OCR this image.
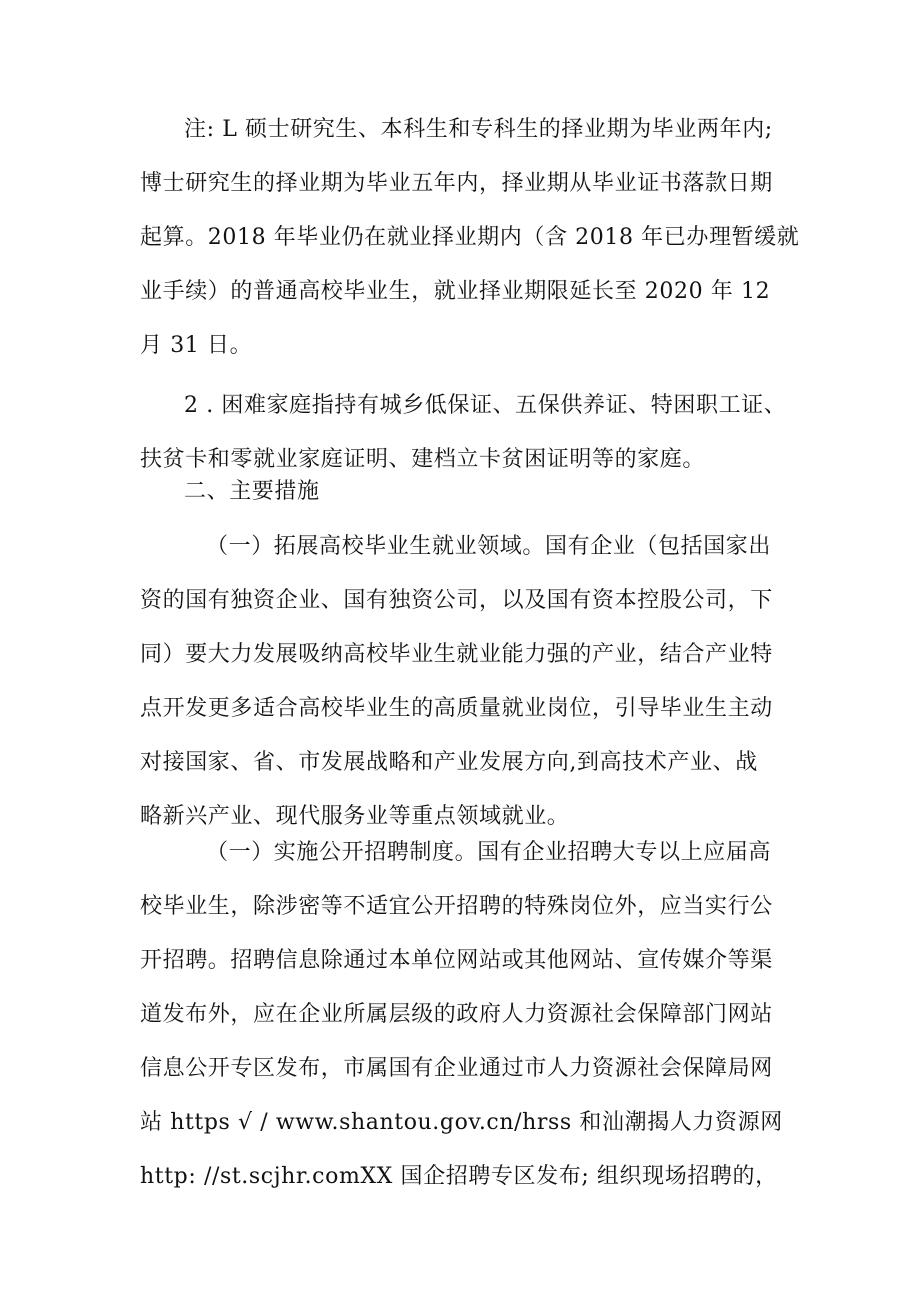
注: L 硕士研究生、本科生和专科生的择业期为毕业两年内;
博士研究生的择业期为毕业五年内，择业期从毕业证书落款日期
起算。2018 年毕业仍在就业择业期内（含 2018 年已办理暂缓就
业手续）的普通高校毕业生，就业择业期限延长至 2020 年 12
月 31 日。
2 . 困难家庭指持有城乡低保证、五保供养证、特困职工证、
扶贫卡和零就业家庭证明、建档立卡贫困证明等的家庭。
二、主要措施
（一）拓展高校毕业生就业领域。国有企业（包括国家出
资的国有独资企业、国有独资公司，以及国有资本控股公司，下
同）要大力发展吸纳高校毕业生就业能力强的产业，结合产业特
点开发更多适合高校毕业生的高质量就业岗位，引导毕业生主动
对接国家、省、市发展战略和产业发展方向,到高技术产业、战
略新兴产业、现代服务业等重点领域就业。
（一）实施公开招聘制度。国有企业招聘大专以上应届高
校毕业生，除涉密等不适宜公开招聘的特殊岗位外，应当实行公
开招聘。招聘信息除通过本单位网站或其他网站、宣传媒介等渠
道发布外，应在企业所属层级的政府人力资源社会保障部门网站
信息公开专区发布，市属国有企业通过市人力资源社会保障局网
站 https √ / www.shantou.gov.cn/hrss 和汕潮揭人力资源网
http: //st.scjhr.comXX 国企招聘专区发布; 组织现场招聘的，
